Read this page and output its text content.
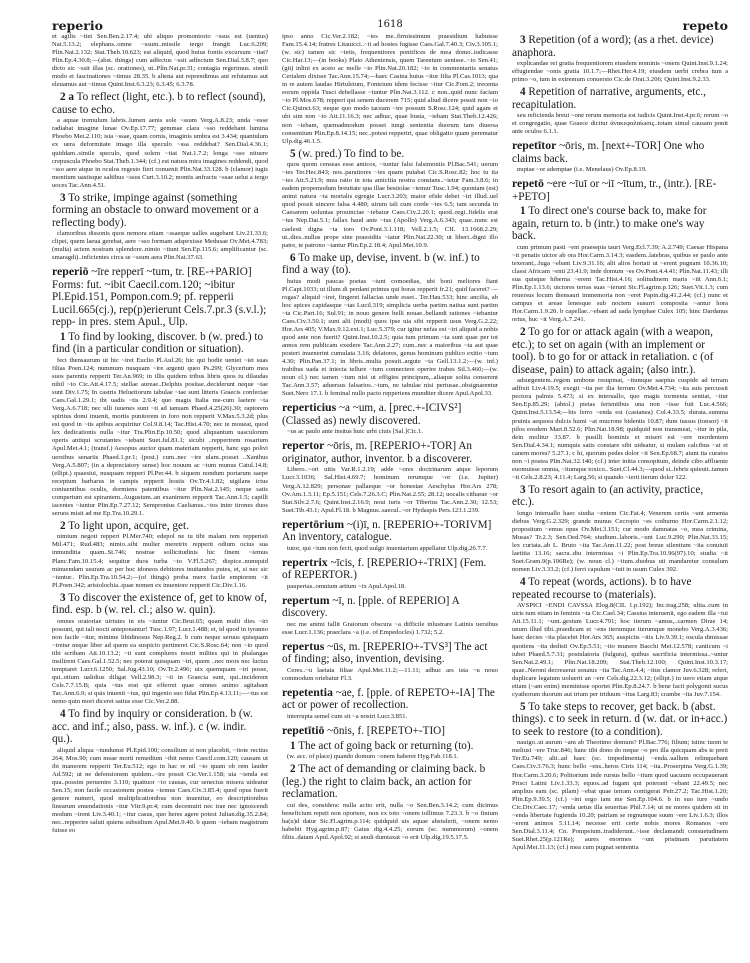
reperio	1618	repeto
et agilis ~tiet Sen.Ben.2.17.4; ubi aliquo promontorio ~ssus est (uentus) Nat.5.13.2; elephans..omne ~ssum..missile tergo frangit Luc.6.209; Plin.Nat.2.132; Stat.Theb.10.623; est aliquid, quod huius fontis excursum ~tiat? Plin.Ep.4.30.8;—(abst. things) cum adfectus ~ssit adfectum Sen.Dial.3.8.7; quo dicto sic ~ssit illas (sc. orationes), ut..Plin.Nat.pr.31; contagia regerimus. simili modo et fascinationes ~timus 28.35. b aliena aut reprendimus aut refutamus aut eleuamus aut ~timus Quint.Inst.6.3.23; 6.3.45; 6.3.78.
2 a To reflect (light, etc.). b to reflect (sound), cause to echo.
a aquae tremulum labris..lumen aenis sole ~ssum Verg.A.8.23; unda ~esse radiabat imagine lunae Ov.Ep.17.77; gemmae clara ~sso reddebant lumina Phoebo Met.2.110; ista ~ssae, quam cornis, imaginis umbra est 3.434; quantulum ex uera deformitate imago illa speculo ~ssa reddebat? Sen.Dial.4.36.1; quiddam..simile speculo, quod solem ~tiat Nat.1.7.2; longa ~sso nituere crepuscula Phoebo Stat.Theb.1.344; (cf.) est natura mira imagines reddendi, quod ~sso aere atque in oculos regesto fieri conuenit Plin.Nat.33.128. b (clamor) iugis montium uastisque saltibus ~ssus Curt.3.10.2; montis anfractu ~ssae uelut a tergo uoces Tac.Ann.4.51.
3 To strike, impinge against (something forming an obstacle to onward movement or a reflecting body).
clamoribus dissonis quos nemora etiam ~ssaeque ualles augebant Liv.21.33.6; clipei, quem laeua gerebat, aere ~sso formam adspexisse Medusae Ov.Met.4.783; (multa) aciem nostram splendore..nimio ~tiunt Sen.Ep.115.6; amplificantur (sc. smaragdi)..inficientes circa se ~ssum aera Plin.Nat.37.63.
reperiō ~īre repperī ~tum, tr. [RE-+PARIO] Forms: fut. ~ibit Caecil.com.120; ~ibitur Pl.Epid.151, Pompon.com.9; pf. repperii Lucil.665(cj.), rep(p)erierunt Cels.7.pr.3 (s.v.l.); repp- in pres. stem Apul., Ulp.
1 To find by looking, discover. b (w. pred.) to find (in a particular condition or situation).
feci thensaurum ut hic ~iret Euclio Pl.Aul.26; hic qui hodie ueniet ~iet suas filias Poen.124; nummum nusquam ~ire argenti queo Ps.299; Glycerium mea suos parentis repperit Ter.An.969; in illis quidem tribus libris quos tu dilaudas nihil ~io Cic.Att.4.17.5; stellae aureae..Delphis positae..deciderunt neque ~tae sunt Div.1.75; In castris Heluetiorum tabulae ~tae sunt litteris Graecis confectae Caes.Gal.1.29.1; ibi uadis ~tis 2.9.4; quo magis Italia me-cum laetere ~ta Verg.A.6.718; nec ulli iuuenes sunt ~ti ad ianuam Phaed.4.25(26).30; raptorem spiritus domi inuenit, mortis punitorem in foro non repperit V.Max.5.3.2d; plus est quod in ~tis apibus acquiritur Col.9.8.14; Tac.Hist.4.70; nec te moueat, quod lex dedicationis nulla ~itur Tra.Plin.Ep.10.50; quod aliquantum uasculorum operis antiqui scrutantes ~iebant Suet.Jul.81.1; sicubi ..repperirem rosarium Apul.Met.4.1; (transf.) Aesopus auctor quam materiam repperit, hanc ego polivi uersibus senariis Phaed.1.pr.1; (post.) cum..nec ~ire ulam..posset ..Xanthus Verg.A.5.807; (in a depreciatory sense) hoc nouum ac ~tum munus Catul.14.8; (ellipt.) quaesiui, nusquam repperi Pl.Per.44. b siquem nondum portarum saepe receptum barbarus in campis repperit hostis Ov.Tr.4.1.82; uigilans ictus coniuentibus oculis, dormiens patentibus ~itur Plin.Nat.2.145; neque satis compertum est spirantem..Augustum..an exanimem repperit Tac.Ann.1.5; capilli iacentes ~iuntur Plin.Ep.7.27.12; Sempronius Caelianus..~tos inter tirones duos seruos misit ad me Ep.Tra.10.29.1.
2 To light upon, acquire, get.
nimium negoti repperi Pl.Mer.740; edepol ne tu tibi malam rem repperisti Mil.471; Rud.483; nimio..sibi mulier meretrix repperit odium ocius sua inmunditia quam..St.746; nostrae sollicitudinis hic finem ~iemus Planc.Fam.10.15.4; sequitur duos turba ~to V.Fl.5.267; dispice..numquid minuendam usuram ac per hoc idoneos debitores inuitandos putes, et, si nec sic ~iuntur.. Plin.Ep.Tra.10.54.2;—(of things) proba merx facile emptorem ~it Pl.Poen.342; aristolochia..quae nomen ex inuentore repperit Cic.Div.1.16.
3 To discover the existence of, get to know of, find. esp. b (w. rel. cl.; also w. quin).
omnes oratoriae uirtutes in eis ~iuntur Cic.Brut.65; quam multi dies ~iri possunt, qui tali nocti anteponantur! Tusc.1.97; Lucr.1.488; et, id quod in tyranno non facile ~itur, minime libidinosus Nep.Reg.2. b cum neque seruus quisquam ~iretur neque liber ad quem ea suspicio pertineret Cic.S.Rosc.64; non ~io quod tibi scribam Att.10.13.2; ~ti sunt complures nostri milites qui in phalangas insilirent Caes.Gal.1.52.5; nec poterat quisquam ~iri, quem ..nec mors nec luctus temptaret Lucr.6.1250; Sal.Jug.43.10; Ov.Tr.2.496; uix quemquam ~iri posse, qui..otium ualidius diligat Vell.2.98.3; ~ti in Graecia sunt, qui..inciderent Cels.7.7.15.B; quia ~tus erat qui efferret quae omnes animo agitabant Tac.Ann.6.9; si quis inuenit ~tus, qui ingenio suo fidat Plin.Ep.4.13.11;—~tus est nemo quin mori diceret satius esse Cic.Ver.2.88.
4 To find by inquiry or consideration. b (w. acc. and inf.; also, pass. w. inf.). c (w. indir. qu.).
aliquid aliqua ~iundumst Pl.Epid.100; consilium si non placebit, ~itote rectius 264; Mos.90; cum meae morti remedium ~ibit nemo Caecil.com.120; causam ut ibi manerem repperit Ter.Eu.512; ego in hac re nil ~io quam ob rem lauder Ad.592; ut ne defensionem quidem..~ire possit Cic.Ver.1.158; uia ~ienda est qua..possim peruenire 3.110; quattuor ~io causas, cur senectus misera uideatur Sen.15; non facile occasionem postea ~iemus Caes.Civ.3.85.4; quod opus fuerit genere numeri, quod multiplicationibus non inuenitur, eo descriptionibus linearum emendationis ~itur Vitr.9.pr.4; cum decemuiri nec irae nec ignoscendi modum ~irent Liv.3.40.1; ~itur casus, quo heres agere potest Julian.dig.35.2.84; nec..repperire saluti quiens subsidium Apul.Met.9.40. b quem ~iebam magistrum fuisse eo
ipso anno Cic.Ver.2.182; ~ies me..firmissimum praesidium habuisse Fam.15.4.14; fratres Litauicci..~it ad hostes fugisse Caes.Gal.7.40.3; Civ.3.105.1; (w. sic) tamen sic ~ietis, frequentiores pontifices de mea domo..iudicasse Cic.Har.13;—(in books) Plato Atheniensis, quem Tarentum uenisse..~io Sen.41; (git) inlini ex aceto ac melle ~io Plin.Nat.20.182; ~io in commentariis senatus Cerialem dixisse Tac.Ann.15.74;—haec Casina huius ~itur filia Pl.Cas.1013; qua in re autem laudas Hirtuleium, Fonteium idem fecisse ~itur Cic.Font.2; trecenta eorum oppida Tusci debellasse ~iuntur Plin.Nat.3.112. c non..quid nunc faciam ~io Pl.Mos.678; repperi qui senem ducerem 715; quid aliud dicere possit non ~io Cic.Quinct.63; neque quo modo taceam ~ire possum S.Rosc.124; quid agam et ubi sim non ~io Att.11.16.3; nec adhuc, quae busta, ~iebam Stat.Theb.12.426; non ~iebam, quemadmodum posset iungi sententia duorum tam diuersa consentium Plin.Ep.8.14.15; nec..potest repperiri, quae obligatio quam perematur Ulp.dig.46.1.5.
5 (w. pred.) To find to be.
quos quom censeas esse amicos, ~iuntur falsi falsimoniis Pl.Bac.541; uerum ~ies Ter.Hec.843; nos..paratiores ~ies quam putabat Cic.S.Rosc.82; hoc tu ita ~ies Att.5.21.9; mea ratio in tota amicitia nostra constans..~ietur Fam.3.8.6; in eadem propemodum breuitate qua illae bestiolae ~iemur Tusc.1.94; quoniam (est) animi natura ~ta mortalis egregie Lucr.3.203; maior efide debet ~iri illud..uel quod possit uincere falsa 4.480; uirum tali cum corde ~ies 6.5; tam secunda in Caesarem uoluntas prouinciae ~iebatur Caes.Civ.2.20.1; quod..regi..fidelis erat ~tus Nep.Dat.5.1; fallax haud ante ~tus (Apollo) Verg.A.6.343; quae..nunc est caelesti digna ~ta toro Ov.Pont.3.1.118; Vell.2.1.5; CIL 13.1668.2.29; ut..dies..nullus prope sine praesidiis ~iatur Plin.Nat.22.30; ut liberi..digni illo patre, te patrono ~iantur Plin.Ep.2.18.4; Apul.Met.10.9.
6 To make up, devise, invent. b (w. inf.) to find a way (to).
huius modi paucas poetas ~iunt comoedias, ubi boni meliores fiant Pl.Capt.1033; ut illum di perdant primus qui horas repperit fr.21; quid faceret? — rogas? aliquid ~iret, fingeret fallacias unde esset.. Ter.Hau.533; hinc ancilia, ab hoc apices capidasque ~tas Lucil.319; simplicia uerba partim natiua sunt partim ~ta Cic.Part.16; Sul.91; in nouo genere belli nouae..bellandi rationes ~iebantur Caes.Civ.3.50.1; sunt alii (modi) quos ipse uia sibi repperit usus Verg.G.2.22; Hor.Ars 405; V.Max.9.12.ext.1; Luc.5.379; cur igitur nefas est ~iri aliquid a nobis quod ante non fuerit? Quint.Inst.10.2.5; quia tum primum ~ta sunt quae per tot annos rem publicam exedere Tac.Ann.2.27; cum..nec a maioribus ~ta aut quae posteri inuenerint cumulata 3.16; delatores, genus hominum publico exitio ~tum 4.30; Plin.Pan.37.1; in libris..multa posuit..argute ~ta Gell.13.1.2;—(w. inf.) trabibus uada et iniecta tellure ~tum connectere operire trabes Sil.3.460;—(w. noun cl.) nec tamen ~tum nisi ut effigies principum,..aliaque solita censerent Tac.Ann.3.57; aduersus falsarios..~tum, ne tabulae nisi pertusae..obsignarentur Suet.Nero 17.1. b feminal nullo pacto repperiens munditer dicere Apul.Apol.33.
reperticius ~a ~um, a. [prec.+-ICIVS²] (Classed as) newly discovered.
~us ac paulo ante insitus huic urbi ciuis [Sal.]Cic.1.
repertor ~ōris, m. [REPERIO+-TOR] An originator, author, inventor. b a discoverer.
Libero..~ori uitis Var.R.1.2.19; adde ~ores doctrinarum atque leporum Lucr.3.1036; Sal.Hist.4.69.7; hominum rerumque ~or (i.e. Jupiter) Verg.A.12.829; personae pallaeque ~or honestae Aeschylus Hor.Ars 278; Ov.Am.1.3.11; Ep.5.151; Cels.7.26.3.C; Plin.Nat.2.55; 28.12; uocalis citharae ~or Stat.Silv.2.7.6; Quint.Inst.2.16.9; noui iuris ~or Tiberius Tac.Ann.2.30; 12.53; Suet.Tib.43.1; Apul.Fl.18. b Magnus..saecul..~or Hydaspis Pers.123.1.239.
repertōrium ~(i)ī, n. [REPERIO+-TORIVM] An inventory, catalogue.
tutor, qui ~ium non fecit, quod uulgo inuentarium appellatur Ulp.dig.26.7.7.
repertrix ~īcis, f. [REPERIO+-TRIX] (Fem. of REPERTOR.)
paupertas..omnium artium ~ix Apul.Apol.18.
repertum ~ī, n. [pple. of REPERIO] A discovery.
nec me animi fallit Graiorum obscura ~a difficile inlustrare Latinis uersibus esse Lucr.1.136; praeclara ~a (i.e. of Empedocles) 1.732; 5.2.
repertus ~ūs, m. [REPERIO+-TVS³] The act of finding; also, invention, devising.
Ceres..~u laetata filiae Apul.Met.11.2;—11.11; adhuc ars ista ~u nouo commodum oriebatur Fl.3.
repetentia ~ae, f. [pple. of REPETO+-IA] The act or power of recollection.
interrupta semel cum sit ~a nostri Lucr.3.851.
repetītiō ~ōnis, f. [REPETO+-TIO]
1 The act of going back or returning (to).
(w. acc. of place) quando domum ~onem haberet Hyg.Fab.118.1.
2 The act of demanding or claiming back. b (leg.) the right to claim back, an action for reclamation.
cui des, considera: nulla actio erit, nulla ~o Sen.Ben.3.14.2; cum dicimus beneficium repeti non oportere, non ex toto ~onem tollimus 7.23.3. b ~o finium ha(u)d datur Sic.Fl.agrim.p.114; quidquid uis aquae abstulerit, ~onem nemo habebit Hyg.agrim.p.87; Gaius dig.4.4.25; eorum (sc. nummorum) ~onem filiis..datam Apul.Apol.92; si anuli dumtaxat ~o erit Ulp.dig.19.5.17.5.
3 Repetition (of a word); (as a rhet. device) anaphora.
explicandae rei gratia frequentiorem eiusdem nominis ~onem Quint.Inst.9.1.24; effugiendae ~onis gratia 10.1.7;—Rhet.Her.4.19; eiusdem uerbi crebra tum a primo ~o, tum in extremum conuersio Cic.de Orat.3.206; Quint.Inst.9.2.33.
4 Repetition of narrative, arguments, etc., recapitulation.
seu reficienda breui ~one rerum memoria est iudicis Quint.Inst.4.pr.6; rerum ~o et congregatio, quae Graece dicitur ἀνακεφαλαίωσις..totam simul causam ponit ante oculos 6.1.1.
repetītor ~ōris, m. [next+-TOR] One who claims back.
nuptae ~or ademptae (i.e. Menelaus) Ov.Ep.8.19.
repetō ~ere ~īuī or ~iī ~ītum, tr., (intr.). [RE-+PETO]
1 To direct one's course back to, make for again, return to. b (intr.) to make one's way back.
cum primum pasti ~ent praesepia tauri Verg.Ecl.7.39; A.2.749; Caesar Hispana ~it penatis uictor ab ora Hor.Carm.3.14.3; easdem..latebras, quibus se paulo ante texerant,..fuga ~ebant Liv.9.31.16; alii alios hortati ut ~erent pugnam 10.36.10; classi Africam ~enti 23.41.9; inde domum ~es Ov.Pont.4.4.41; Plin.Nat.11.43; illi sua quisque hiberna ~erent Tac.Hist.4.16; solitudinem maris ~iit Ann.6.1; Plin.Ep.1.13.6; uictores terras suas ~ierunt Sic.Fl.agrim.p.126; Suet.Vit.1.3; cum reuersus locum thensauri immemoria non ~eret Papin.dig.41.2.44; (cf.) nunc et campus et areae lenesque sub noctem susurri composita ~antur hora Hor.Carm.1.9.20. b capellae..~ebant ad uada lymphae Culex 105; hinc Dardanus ortus, huc ~it Verg.A.7.241.
2 To go for or attack again (with a weapon, etc.); to set on again (with an implement or tool). b to go for or attack in retaliation. c (of disease, pain) to attack again; (also intr.).
adsurgentem..regem umbone resupinat, ~itumque saepius cuspide ad terram adfixit Liv.4.19.5; exegit ~ita per ilia ferrum Ov.Met.4.734; ~ita suis percussit pectora palmis 5.473; si ex interuallo, quo magis tormenta sentiat, ~itur Sen.Ep.85.29; (abtol.) pietas ferientibus una non ~isse fuit Luc.4.566; Quint.Inst.5.13.54;—bis ferro ~enda est (castanea) Col.4.33.5; durata..summa pruinis aequora dulcis humi ~at mucrone bidentis 10.87; dum iussus (tonsor) ~it pilos eosdem Mart.8.52.6; Plin.Nat.18.98; quidquid non transmeat, ~itur in pila, dein molitur 33.87. b pusilli hominis et miseri est ~ere mordentem Sen.Dial.4.34.1; numquis satis constare sibi uideatur, si mulam calcibus ~at et canem morsu? 5.27.1. c hi, quorum pedes dolor ~it Sen.Ep.68.7; aiunt ita curatos non ~i postea Plin.Nat.32.140; (cf.) inter initia consopitum, deinde cibo affluente euomuisse omnia, ~itumque toxico.. Suet.Cl.44.3;—quod si..febris quieuit..tamen ~it Cels.2.8.23; 4.11.4; Larg.56; si quando ~ierit iterum dolor 122.
3 To resort again to (an activity, practice, etc.).
longo interuallo haec studia ~entem Cic.Fat.4; Venerem certis ~unt armenta diebus Verg.G.2.329; grande munus Cecropio ~es cothurno Hor.Carm.2.1.12; propositum ~emus opus Ov.Met.3.151; cur modo damnatas ~o, mea crimina, Musas? Tr.2.3; Sen.Oed.764; studium..laboris..~unt Luc.9.290; Plin.Nat.33.15; lex curiata..ab L. Bruto ~ita Tac.Ann.11.22; post breue silentium ~ita conuiuii laetitia 13.16; sacra..diu intermissa ~i Plin.Ep.Tra.10.96(97).10; studia ~it Suet.Gram.9(p.106Re); (w. noun cl.) ~itum..duobus uti mandaretur consulum nomen Liv.3.33.2; (cf.) ferri capulum ~iuit in usum Culex 392.
4 To repeat (words, actions). b to have repeated recourse to (materials).
AVSPICI ~ENDI CAVSSA Elog.8(CIL 1.p.192); Inc.trag.258; ultia..cum in uiris tum etiam in feminis ~ta Cic.Cael.34; Cassius interuenit, ego eadem illa ~iui Att.15.11.1; ~unt..gestum Lucr.4.791; hoc iterum ~amus,..carmen Dirae 14; unum illud tibi..praedicam et ~ens iterumque iterumque monebo Verg.A.3.436; haec decies ~ita placebit Hor.Ars 365; auspiciis ~itis Liv.9.39.1; oscula dimissae quotiens ~ita dedisti Ov.Ep.5.51; ~ito munere Bacchi Met.12.578; canticum ~i iubet Phaed.5.7.31; postulatoria (fulgura), quibus sacrificia intermissa..~untur Sen.Nat.2.49.1; Plin.Nat.18.209; Stat.Theb.12.100; Quint.Inst.10.3.17; quae..Neroni decreuerat senatus ~ita Tac.Ann.4.4; ~itus clamor Juv.6.328; refert, duplicare legatum uoluerit an ~ere Cels.dig.22.3.12; (ellipt.) tu uero etiam atque etiam (~am enim) meminisse oportet Plin.Ep.8.24.7. b bene facit polygonii sucus cyathorum duorum aut trium per triduum ~itus Larg.83; crambe ~ita Juv.7.154.
5 To take steps to recover, get back. b (abst. things). c to seek in return. d (w. dat. or in+acc.) to seek to restore (to a condition).
nauigo..ut aurum ~am ab Theotimo domum? Pl.Bac.776; filium; istinc tuom te meliust ~ere Truc.846; hanc tibi dono do neque ~o pro illa quicquam abs te preti Ter.Eu.749; alii..ad haec (sc. impedimenta) ~enda..uallum relinquebant Caes.Civ.3.76.3; hunc bello ~ens..heros Ciris 114; ~ita..Proserpina Verg.G.1.39; Hor.Carm.3.20.6; Politorium inde rursus bello ~itum quod uacuum occupauerant Prisci Latini Liv.1.33.3; equos..ad fugam qui poterant ~ebant 22.49.5; nec amplius eam (sc. pilam) ~ebat quae terram contigerat Petr.27.2; Tac.Hist.1.20; Plin.Ep.9.39.5; (cf.) ~ini ergo iam me Sen.Ep.104.6. b in suo iure ~undo Cic.Div.Caec.17; ~enda uetus illa seueritas Phil.7.14; ut ne mores quidem sit in ~enda libertate fugienda 10.20; patriam se regnumque suum ~ere Liv.1.6.3; illos ~erent animos 5.11.14; necesse erit certe nobis mores Romanos ~ere Sen.Dial.3.11.4; Cn. Pompeium..tradiderunt..~isse declamandi consuetudinem Suet.Rhet.25(p.121Re); aures enormes ~unt pristinam paruitatem Apul.Met.11.13; (cf.) mea cum pugnat sententia
